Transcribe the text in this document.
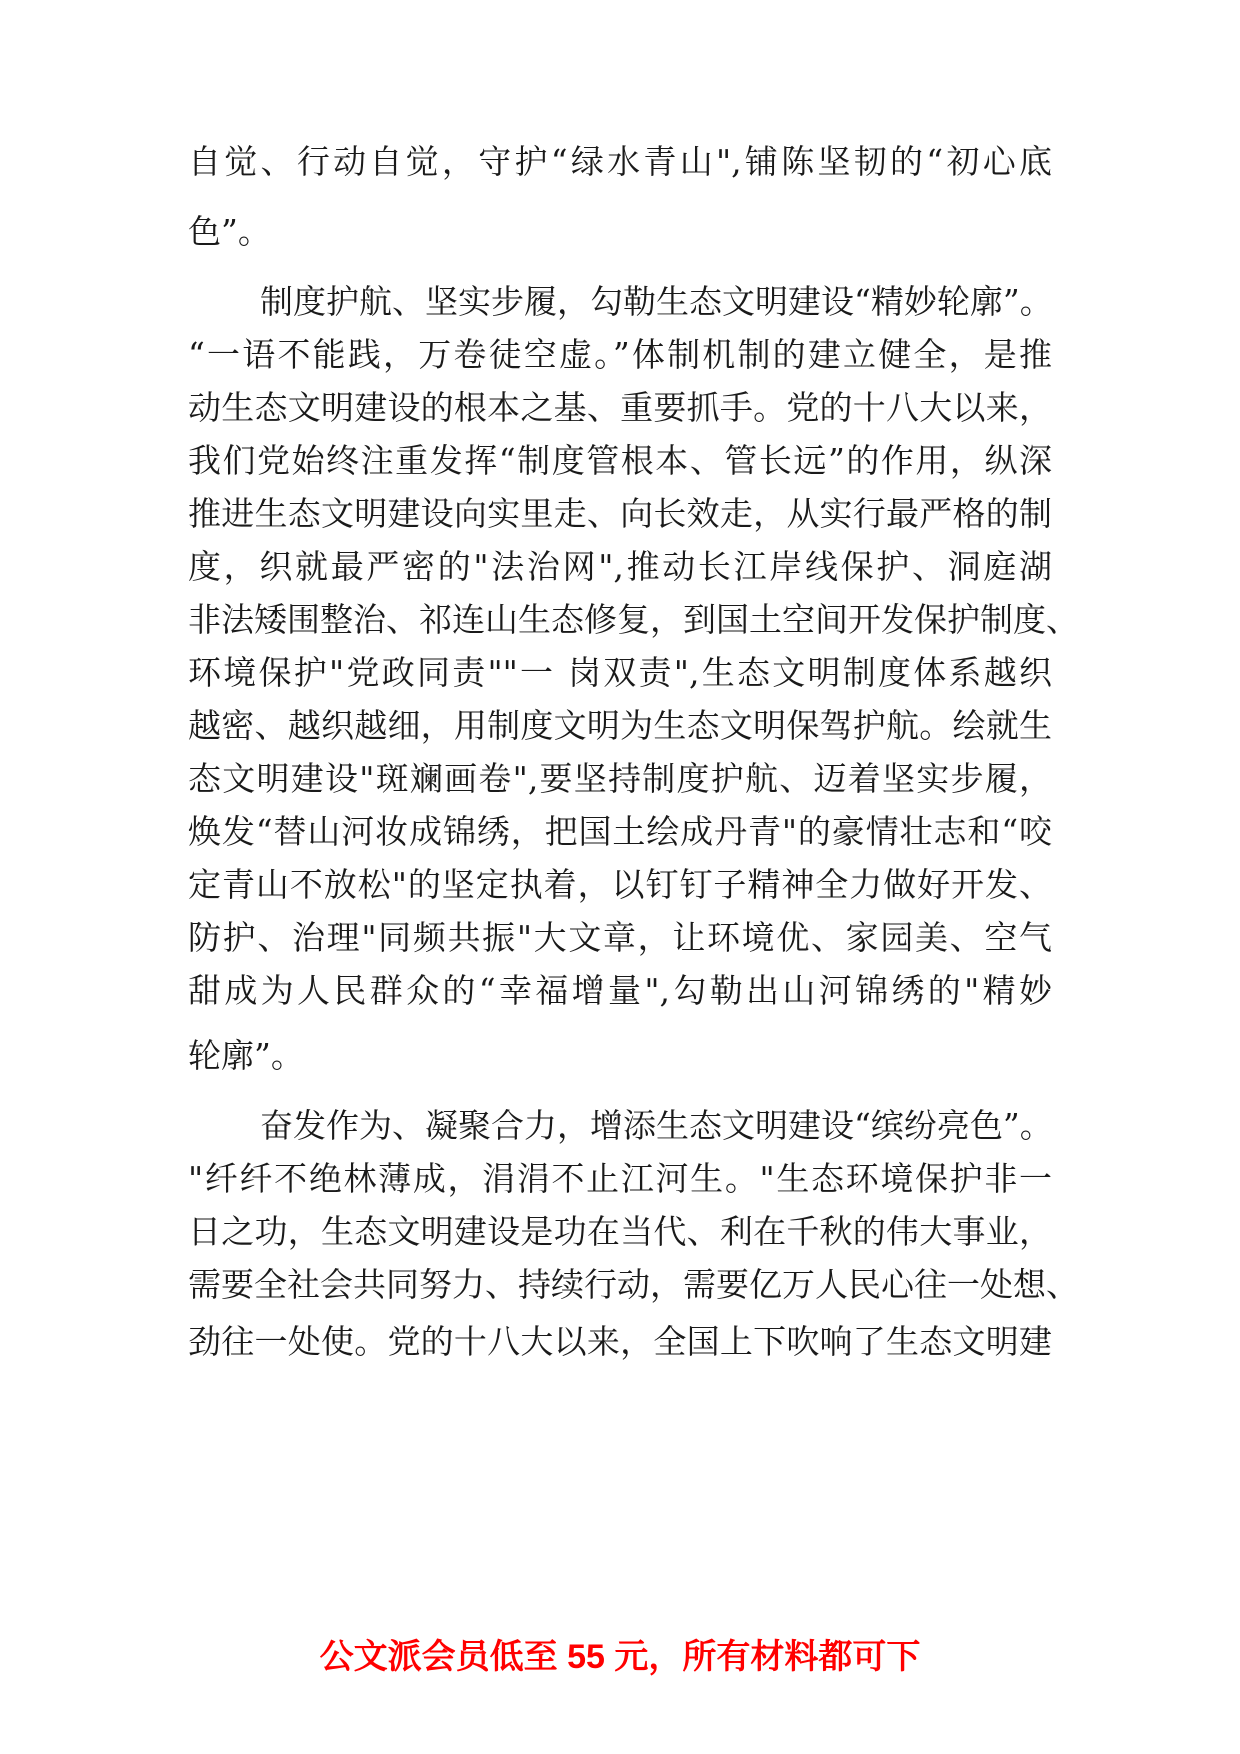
自觉、行动自觉，守护“绿水青山",铺陈坚韧的“初心底
色”。
制度护航、坚实步履，勾勒生态文明建设“精妙轮廓”。
“一语不能践，万卷徒空虚。”体制机制的建立健全，是推
动生态文明建设的根本之基、重要抓手。党的十八大以来，
我们党始终注重发挥“制度管根本、管长远”的作用，纵深
推进生态文明建设向实里走、向长效走，从实行最严格的制
度，织就最严密的"法治网",推动长江岸线保护、洞庭湖
非法矮围整治、祁连山生态修复，到国土空间开发保护制度、
环境保护"党政同责""一 岗双责",生态文明制度体系越织
越密、越织越细，用制度文明为生态文明保驾护航。绘就生
态文明建设"斑斓画卷",要坚持制度护航、迈着坚实步履，
焕发“替山河妆成锦绣，把国土绘成丹青"的豪情壮志和“咬
定青山不放松"的坚定执着，以钉钉子精神全力做好开发、
防护、治理"同频共振"大文章，让环境优、家园美、空气
甜成为人民群众的“幸福增量",勾勒出山河锦绣的"精妙
轮廓”。
奋发作为、凝聚合力，增添生态文明建设“缤纷亮色”。
"纤纤不绝林薄成，涓涓不止江河生。"生态环境保护非一
日之功，生态文明建设是功在当代、利在千秋的伟大事业，
需要全社会共同努力、持续行动，需要亿万人民心往一处想、
劲往一处使。党的十八大以来，全国上下吹响了生态文明建
公文派会员低至 55 元，所有材料都可下
